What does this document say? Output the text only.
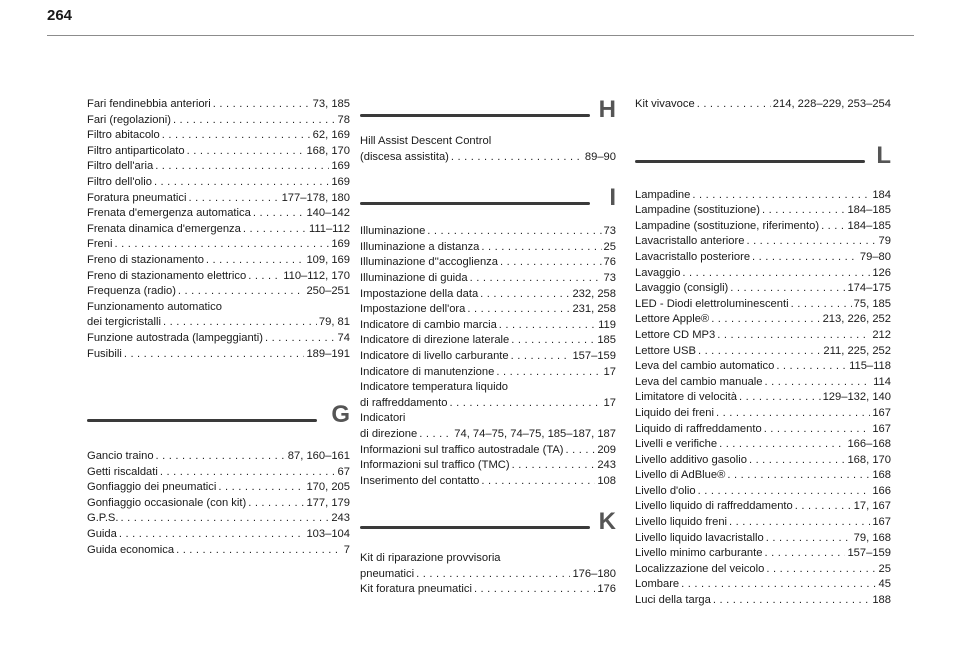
264
Fari fendinebbia anteriori . . .	73, 185
Fari (regolazioni) . . .	78
Filtro abitacolo . . .	62, 169
Filtro antiparticolato . . .	168, 170
Filtro dell'aria . . .	169
Filtro dell'olio . . .	169
Foratura pneumatici . . .	177–178, 180
Frenata d'emergenza automatica . . .	140–142
Frenata dinamica d'emergenza . . .	111–112
Freni . . .	169
Freno di stazionamento . . .	109, 169
Freno di stazionamento elettrico . . .	110–112, 170
Frequenza (radio) . . .	250–251
Funzionamento automatico
dei tergicristalli . . .	79, 81
Funzione autostrada (lampeggianti) . . .	74
Fusibili . . .	189–191
G
Gancio traino . . .	87, 160–161
Getti riscaldati . . .	67
Gonfiaggio dei pneumatici . . .	170, 205
Gonfiaggio occasionale (con kit) . . .	177, 179
G.P.S. . . .	243
Guida . . .	103–104
Guida economica . . .	7
H
Hill Assist Descent Control
(discesa assistita) . . .	89–90
I
Illuminazione . . .	73
Illuminazione a distanza . . .	25
Illuminazione d''accoglienza . . .	76
Illuminazione di guida . . .	73
Impostazione della data . . .	232, 258
Impostazione dell'ora . . .	231, 258
Indicatore di cambio marcia . . .	119
Indicatore di direzione laterale . . .	185
Indicatore di livello carburante . . .	157–159
Indicatore di manutenzione . . .	17
Indicatore temperatura liquido
di raffreddamento . . .	17
Indicatori
di direzione . . .	74, 74–75, 74–75, 185–187, 187
Informazioni sul traffico autostradale (TA) . . .	209
Informazioni sul traffico (TMC) . . .	243
Inserimento del contatto . . .	108
K
Kit di riparazione provvisoria
pneumatici . . .	176–180
Kit foratura pneumatici . . .	176
Kit vivavoce . . .	214, 228–229, 253–254
L
Lampadine . . .	184
Lampadine (sostituzione) . . .	184–185
Lampadine (sostituzione, riferimento) . . .	184–185
Lavacristallo anteriore . . .	79
Lavacristallo posteriore . . .	79–80
Lavaggio . . .	126
Lavaggio (consigli) . . .	174–175
LED - Diodi elettroluminescenti . . .	75, 185
Lettore Apple® . . .	213, 226, 252
Lettore CD MP3 . . .	212
Lettore USB . . .	211, 225, 252
Leva del cambio automatico . . .	115–118
Leva del cambio manuale . . .	114
Limitatore di velocità . . .	129–132, 140
Liquido dei freni . . .	167
Liquido di raffreddamento . . .	167
Livelli e verifiche . . .	166–168
Livello additivo gasolio . . .	168, 170
Livello di AdBlue® . . .	168
Livello d'olio . . .	166
Livello liquido di raffreddamento . . .	17, 167
Livello liquido freni . . .	167
Livello liquido lavacristallo . . .	79, 168
Livello minimo carburante . . .	157–159
Localizzazione del veicolo . . .	25
Lombare . . .	45
Luci della targa . . .	188
